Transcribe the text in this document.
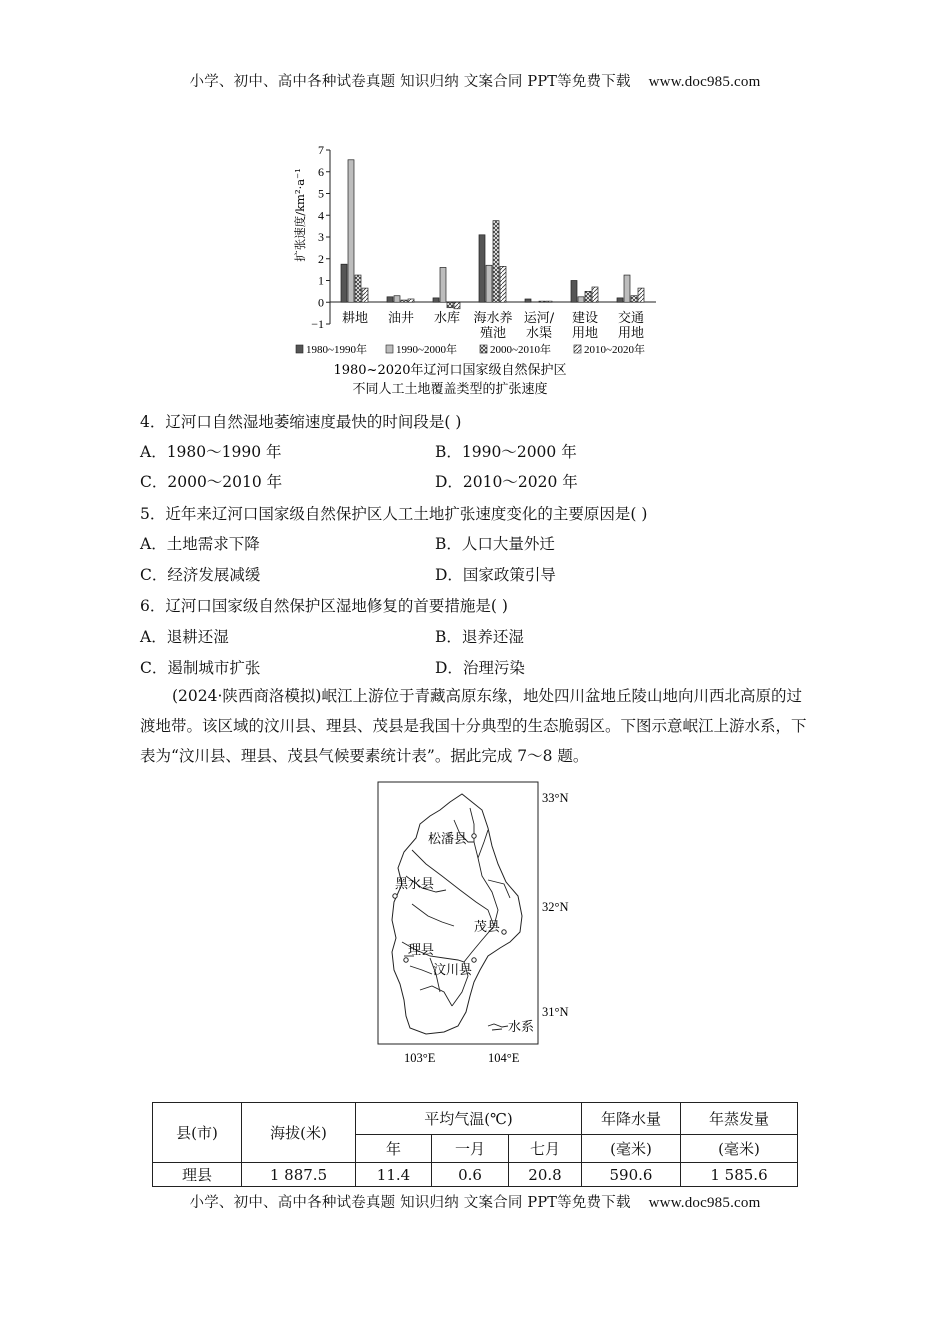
小学、初中、高中各种试卷真题 知识归纳 文案合同 PPT等免费下载 www.doc985.com
扩张速度/km²·a⁻¹
−1
0
1
2
3
4
5
6
7
耕地 油井 水库 海水养
殖池
运河/
水渠
建设
用地
交通
用地
1980~1990年	1990~2000年	2000~2010年	2010~2020年
1980~2020年辽河口国家级自然保护区
不同人工土地覆盖类型的扩张速度
4．辽河口自然湿地萎缩速度最快的时间段是( )
A．1980～1990 年	B．1990～2000 年
C．2000～2010 年	D．2010～2020 年
5．近年来辽河口国家级自然保护区人工土地扩张速度变化的主要原因是( )
A．土地需求下降	B．人口大量外迁
C．经济发展减缓	D．国家政策引导
6．辽河口国家级自然保护区湿地修复的首要措施是( )
A．退耕还湿	B．退养还湿
C．遏制城市扩张	D．治理污染
(2024·陕西商洛模拟)岷江上游位于青藏高原东缘，地处四川盆地丘陵山地向川西北高原的过渡地带。该区域的汶川县、理县、茂县是我国十分典型的生态脆弱区。下图示意岷江上游水系，下表为“汶川县、理县、茂县气候要素统计表”。据此完成 7～8 题。
松潘县
黑水县
茂县
理县
汶川县
33°N
32°N
31°N
103°E	104°E
水系
县(市)	海拔(米)	平均气温(℃)			年降水量	年蒸发量
		年	一月	七月	(毫米)	(毫米)
理县	1 887.5	11.4	0.6	20.8	590.6	1 585.6
小学、初中、高中各种试卷真题 知识归纳 文案合同 PPT等免费下载 www.doc985.com
